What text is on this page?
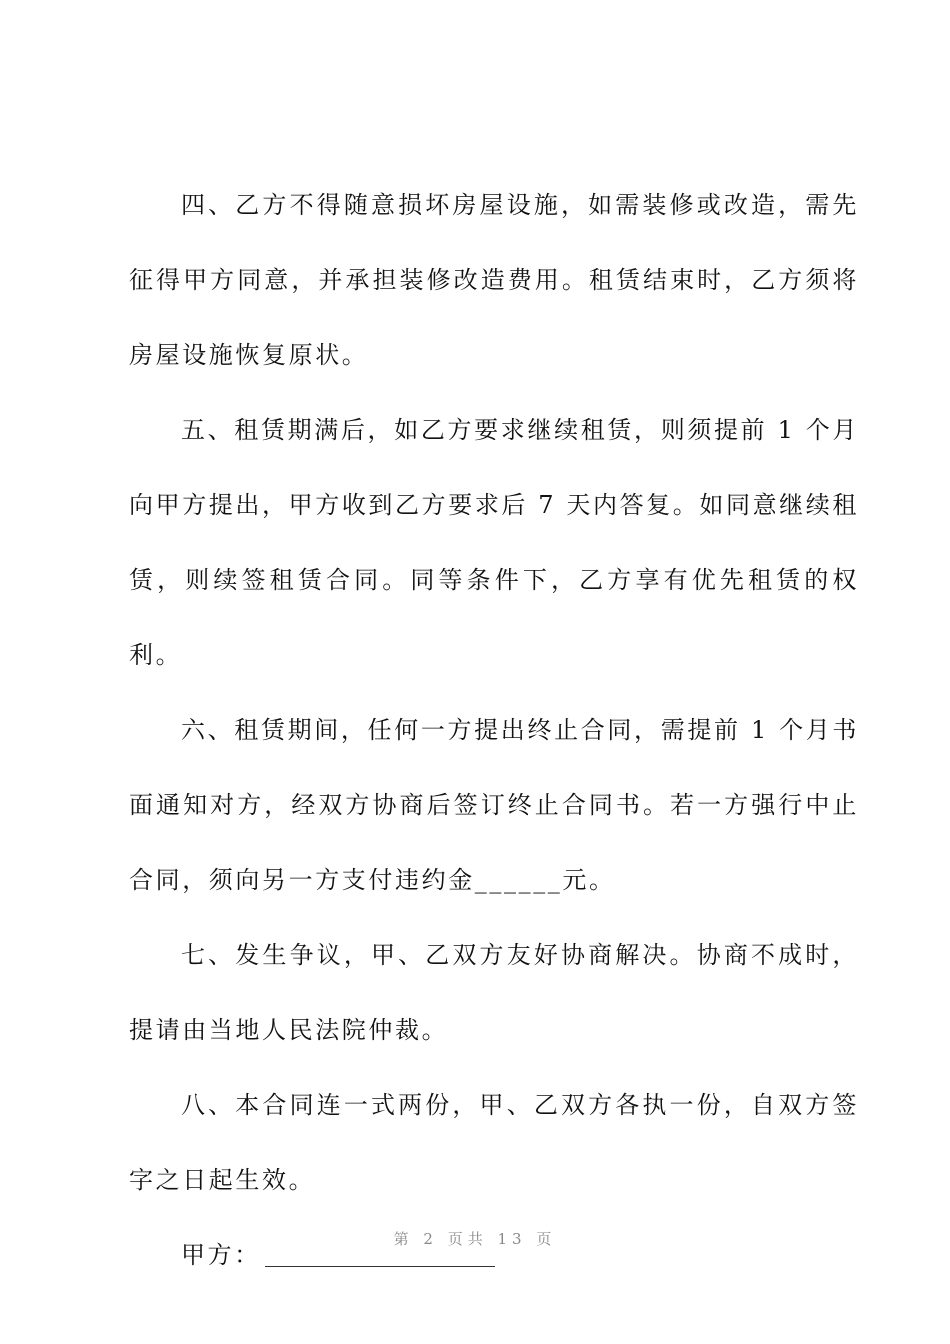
四、乙方不得随意损坏房屋设施，如需装修或改造，需先征得甲方同意，并承担装修改造费用。租赁结束时，乙方须将房屋设施恢复原状。

五、租赁期满后，如乙方要求继续租赁，则须提前 1 个月向甲方提出，甲方收到乙方要求后 7 天内答复。如同意继续租赁，则续签租赁合同。同等条件下，乙方享有优先租赁的权利。

六、租赁期间，任何一方提出终止合同，需提前 1 个月书面通知对方，经双方协商后签订终止合同书。若一方强行中止合同，须向另一方支付违约金______元。

七、发生争议，甲、乙双方友好协商解决。协商不成时，提请由当地人民法院仲裁。

八、本合同连一式两份，甲、乙双方各执一份，自双方签字之日起生效。

甲方：

第 2 页共 13 页
